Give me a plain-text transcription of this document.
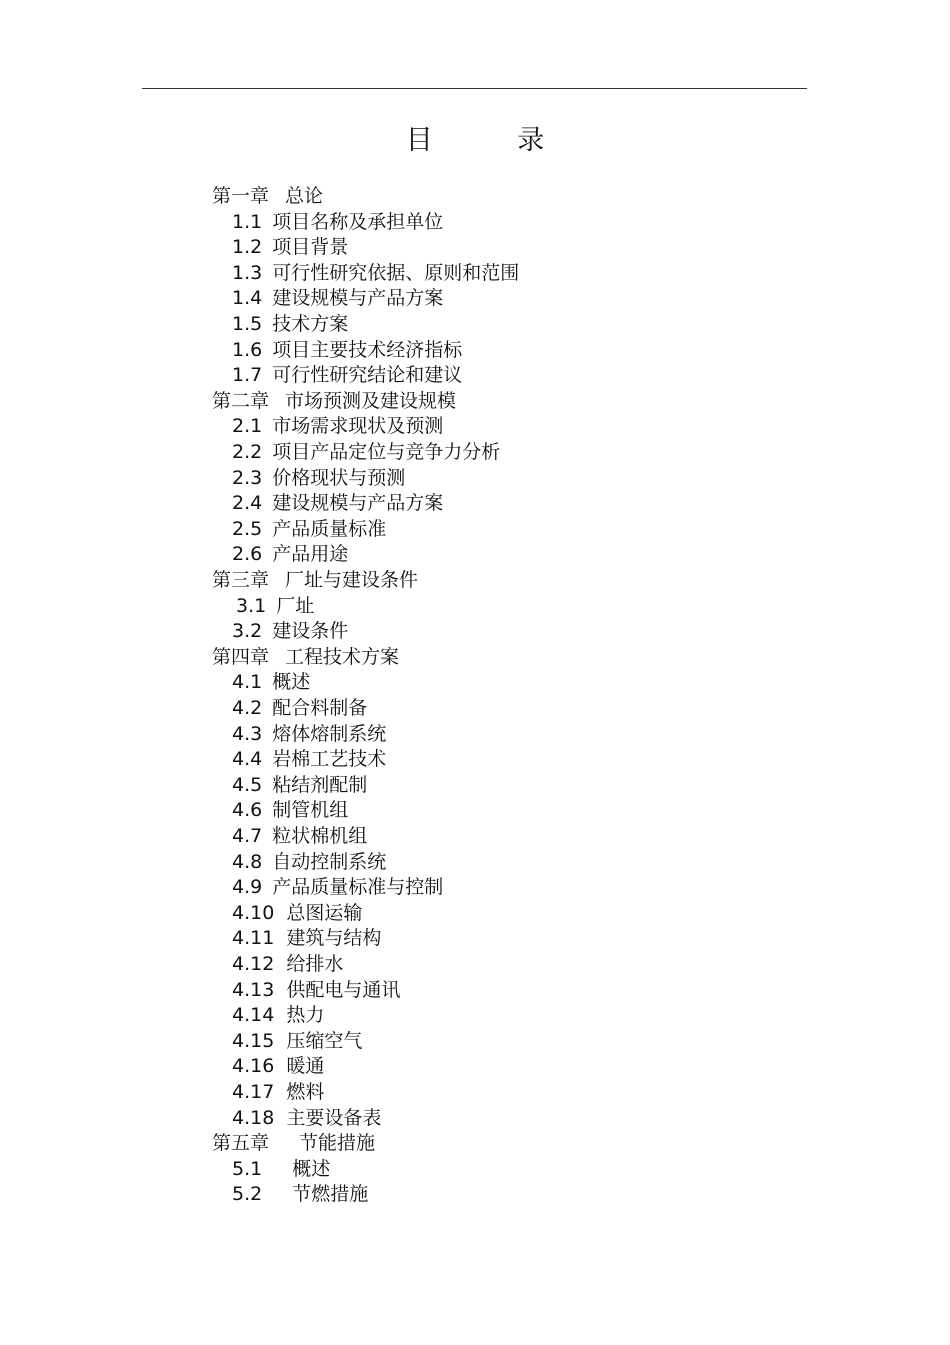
目 录
第一章 总论
1.1 项目名称及承担单位
1.2 项目背景
1.3 可行性研究依据、原则和范围
1.4 建设规模与产品方案
1.5 技术方案
1.6 项目主要技术经济指标
1.7 可行性研究结论和建议
第二章 市场预测及建设规模
2.1 市场需求现状及预测
2.2 项目产品定位与竞争力分析
2.3 价格现状与预测
2.4 建设规模与产品方案
2.5 产品质量标准
2.6 产品用途
第三章 厂址与建设条件
3.1 厂址
3.2 建设条件
第四章 工程技术方案
4.1 概述
4.2 配合料制备
4.3 熔体熔制系统
4.4 岩棉工艺技术
4.5 粘结剂配制
4.6 制管机组
4.7 粒状棉机组
4.8 自动控制系统
4.9 产品质量标准与控制
4.10 总图运输
4.11 建筑与结构
4.12 给排水
4.13 供配电与通讯
4.14 热力
4.15 压缩空气
4.16 暖通
4.17 燃料
4.18 主要设备表
第五章 节能措施
5.1 概述
5.2 节燃措施
